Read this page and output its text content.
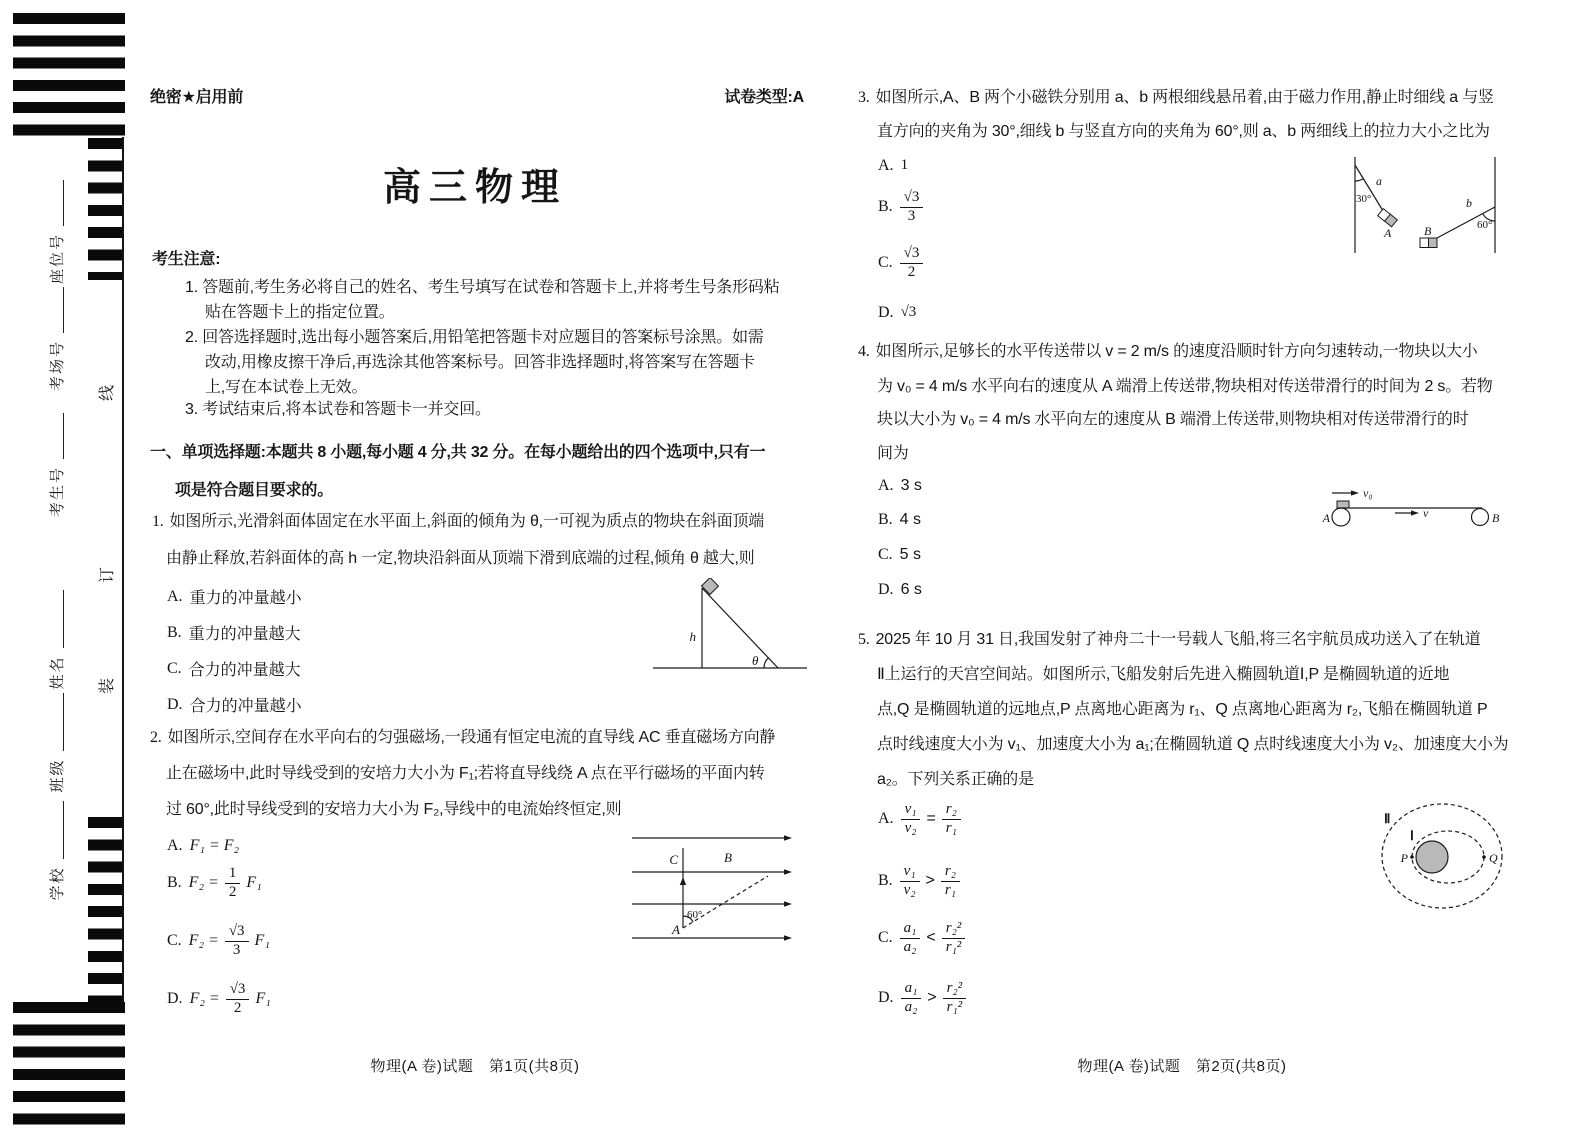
座位号
考场号
考生号
姓名
班级
学校
线
订
装
绝密★启用前	试卷类型:A
高三物理
考生注意:
1. 答题前,考生务必将自己的姓名、考生号填写在试卷和答题卡上,并将考生号条形码粘
贴在答题卡上的指定位置。
2. 回答选择题时,选出每小题答案后,用铅笔把答题卡对应题目的答案标号涂黑。如需
改动,用橡皮擦干净后,再选涂其他答案标号。回答非选择题时,将答案写在答题卡
上,写在本试卷上无效。
3. 考试结束后,将本试卷和答题卡一并交回。
一、单项选择题:本题共 8 小题,每小题 4 分,共 32 分。在每小题给出的四个选项中,只有一
项是符合题目要求的。
1. 如图所示,光滑斜面体固定在水平面上,斜面的倾角为 θ,一可视为质点的物块在斜面顶端
由静止释放,若斜面体的高 h 一定,物块沿斜面从顶端下滑到底端的过程,倾角 θ 越大,则
A. 重力的冲量越小
B. 重力的冲量越大
C. 合力的冲量越大
D. 合力的冲量越小
h
θ
2. 如图所示,空间存在水平向右的匀强磁场,一段通有恒定电流的直导线 AC 垂直磁场方向静
止在磁场中,此时导线受到的安培力大小为 F₁;若将直导线绕 A 点在平行磁场的平面内转
过 60°,此时导线受到的安培力大小为 F₂,导线中的电流始终恒定,则
A. F₁ = F₂
B. $F_2 = \frac{1}{2} F_1$
C. $F_2 = \frac{√3}{3} F_1$
D. $F_2 = \frac{√3}{2} F_1$
C	B
A
60°
物理(A 卷)试题　第1页(共8页)
3. 如图所示,A、B 两个小磁铁分别用 a、b 两根细线悬吊着,由于磁力作用,静止时细线 a 与竖
直方向的夹角为 30°,细线 b 与竖直方向的夹角为 60°,则 a、b 两细线上的拉力大小之比为
A. 1
B. $\frac{√3}{3}$
C. $\frac{√3}{2}$
D. √3
30°
a
A
b
60°
B
4. 如图所示,足够长的水平传送带以 v = 2 m/s 的速度沿顺时针方向匀速转动,一物块以大小
为 v₀ = 4 m/s 水平向右的速度从 A 端滑上传送带,物块相对传送带滑行的时间为 2 s。若物
块以大小为 v₀ = 4 m/s 水平向左的速度从 B 端滑上传送带,则物块相对传送带滑行的时
间为
A. 3 s
B. 4 s
C. 5 s
D. 6 s
v₀
v
A	B
5. 2025 年 10 月 31 日,我国发射了神舟二十一号载人飞船,将三名宇航员成功送入了在轨道
Ⅱ上运行的天宫空间站。如图所示,飞船发射后先进入椭圆轨道Ⅰ,P 是椭圆轨道的近地
点,Q 是椭圆轨道的远地点,P 点离地心距离为 r₁、Q 点离地心距离为 r₂,飞船在椭圆轨道 P
点时线速度大小为 v₁、加速度大小为 a₁;在椭圆轨道 Q 点时线速度大小为 v₂、加速度大小为
a₂。下列关系正确的是
A. $\frac{\text{v₁}}{\text{v₂}} = \frac{\text{r₂}}{\text{r₁}}$
B. $\frac{\text{v₁}}{\text{v₂}} > \frac{\text{r₂}}{\text{r₁}}$
C. $\frac{\text{a₁}}{\text{a₂}} < \frac{\text{r₂²}}{\text{r₁²}}$
D. $\frac{\text{a₁}}{\text{a₂}} > \frac{\text{r₂²}}{\text{r₁²}}$
P	Q
Ⅱ
Ⅰ
物理(A 卷)试题　第2页(共8页)
